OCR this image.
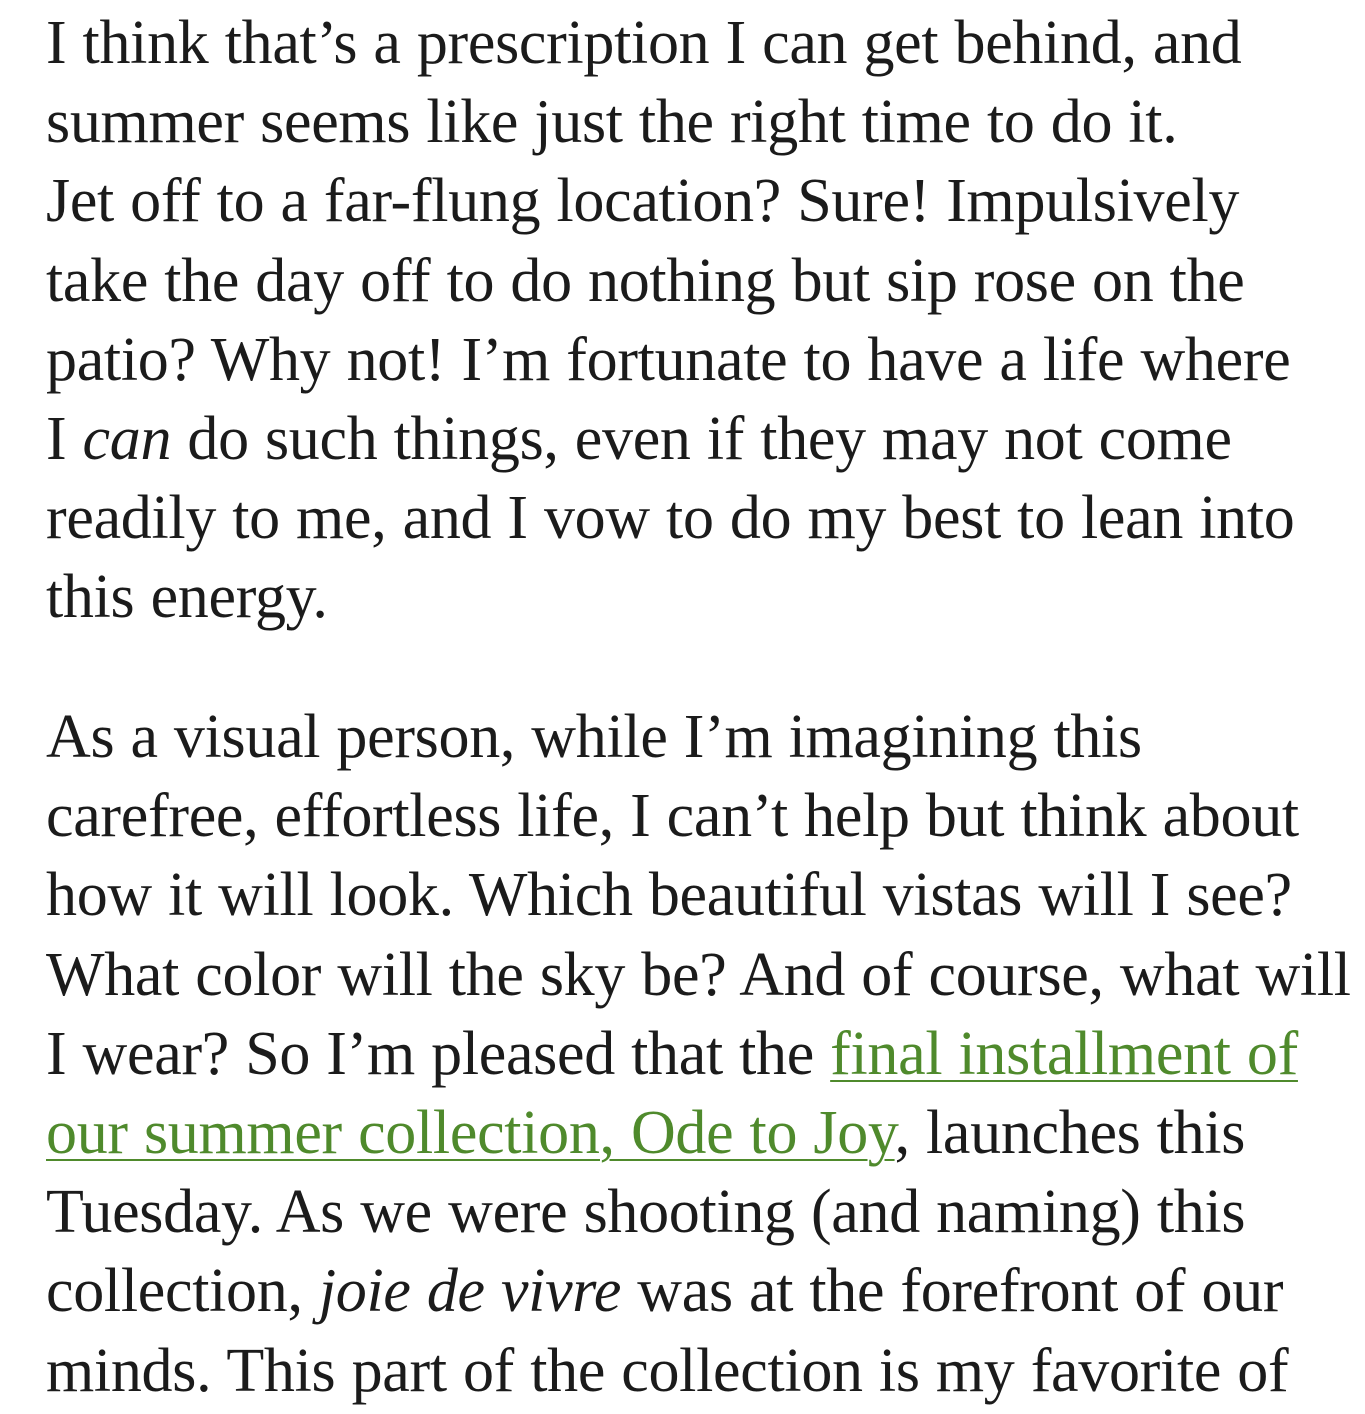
I think that’s a prescription I can get behind, and
summer seems like just the right time to do it.
Jet off to a far-flung location? Sure! Impulsively
take the day off to do nothing but sip rose on the
patio? Why not! I’m fortunate to have a life where
I can do such things, even if they may not come
readily to me, and I vow to do my best to lean into
this energy.

As a visual person, while I’m imagining this
carefree, effortless life, I can’t help but think about
how it will look. Which beautiful vistas will I see?
What color will the sky be? And of course, what will
I wear? So I’m pleased that the final installment of
our summer collection, Ode to Joy, launches this
Tuesday. As we were shooting (and naming) this
collection, joie de vivre was at the forefront of our
minds. This part of the collection is my favorite of
